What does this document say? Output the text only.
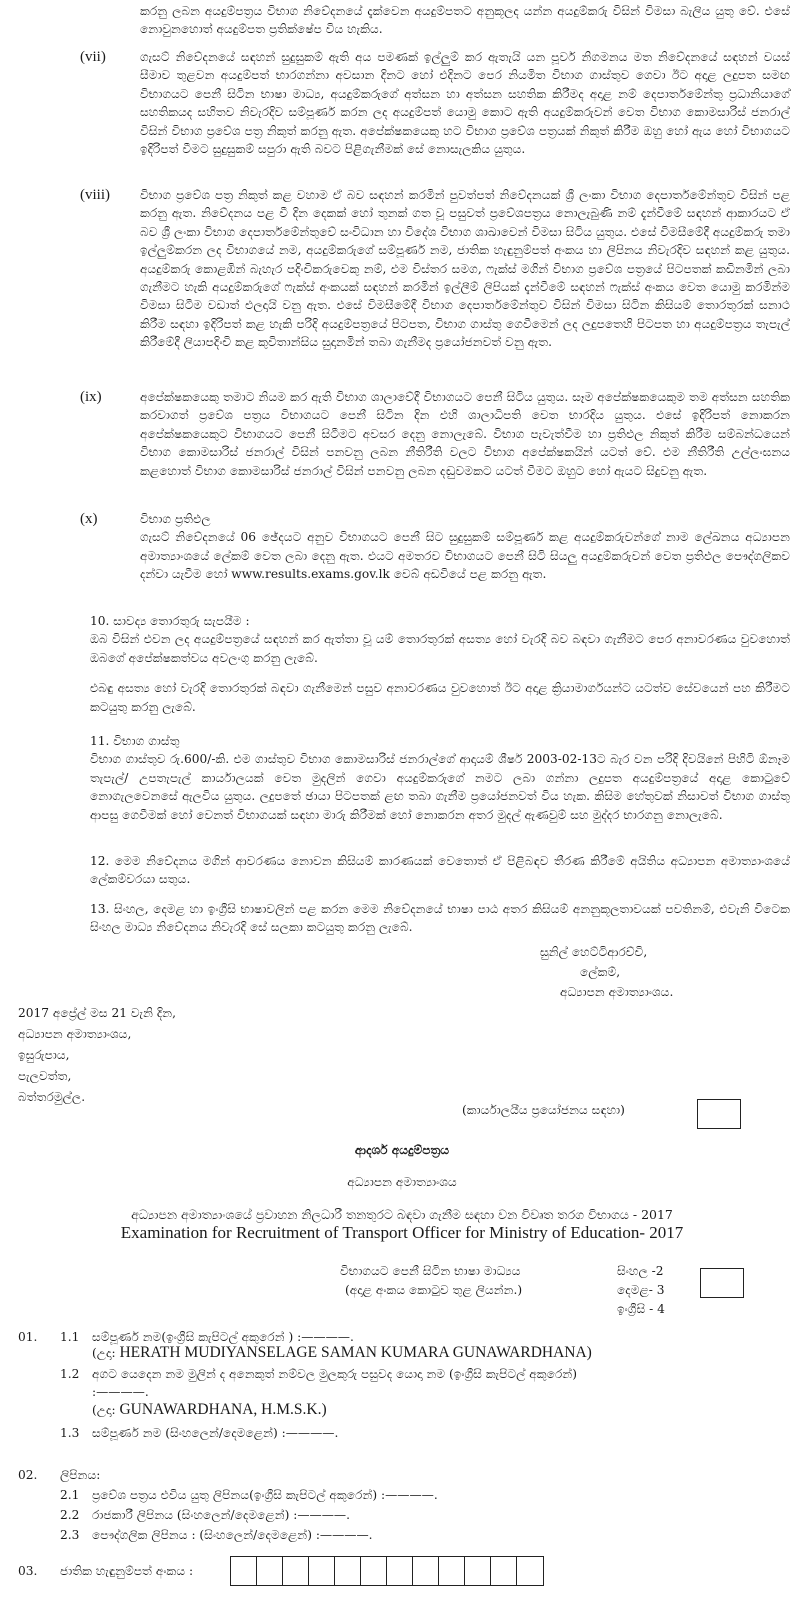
කරනු ලබන අයදුම්පත්‍රය විභාග නිවේදනයේ දැක්වෙන අයදුම්පතට අනුකූලද යන්න අයදුම්කරු විසින් විමසා බැලිය යුතු වේ. එසේ නොවුනහොත් අයදුම්පත ප්‍රතික්ෂේප විය හැකිය.
(vii)	ගැසට් නිවේදනයේ සඳහන් සුදුසුකම් ඇති අය පමණක් ඉල්ලුම් කර ඇතැයි යන පූර්ව නිගමනය මත නිවේදනයේ සඳහන් වයස් සීමාව තුළවන අයදුම්පත් භාරගන්නා අවසාන දිනට හෝ එදිනට පෙර නියමිත විභාග ගාස්තුව ගෙවා ඊට අදාළ ලදුපත සමඟ විභාගයට පෙනී සිටින භාෂා මාධ්‍ය, අයදුම්කරුගේ අත්සන හා අත්සන සහතික කිරීමද අදාළ නම් දෙපාර්තමේන්තු ප්‍රධානියාගේ සහතිකයද සහිතව නිවැරදිව සම්පූර්ණ කරන ලද අයදුම්පත් යොමු කොට ඇති අයදුම්කරුවන් වෙත විභාග කොමසාරිස් ජනරාල් විසින් විභාග ප්‍රවේශ පත්‍ර නිකුත් කරනු ඇත. අපේක්ෂකයෙකු හට විභාග ප්‍රවේශ පත්‍රයක් නිකුත් කිරීම ඔහු හෝ ඇය හෝ විභාගයට ඉදිරිපත් වීමට සුදුසුකම් සපුරා ඇති බවට පිළිගැනීමක් සේ නොසැලකිය යුතුය.
(viii)	විභාග ප්‍රවේශ පත්‍ර නිකුත් කළ වහාම ඒ බව සඳහන් කරමින් පුවත්පත් නිවේදනයක් ශ්‍රී ලංකා විභාග දෙපාර්තමේන්තුව විසින් පළ කරනු ඇත. නිවේදනය පළ වී දින දෙකක් හෝ තුනක් ගත වූ පසුවත් ප්‍රවේශපත්‍රය නොලැබුණි නම් දැන්වීමේ සඳහන් ආකාරයට ඒ බව ශ්‍රී ලංකා විභාග දෙපාර්තමේන්තුවේ සංවිධාන හා විදේශ විභාග ශාඛාවෙන් විමසා සිටිය යුතුය. එසේ විමසීමේදී අයදුම්කරු තමා ඉල්ලුම්කරන ලද විභාගයේ නම, අයදුම්කරුගේ සම්පූර්ණ නම, ජාතික හැඳුනුම්පත් අංකය හා ලිපිනය නිවැරදිව සඳහන් කළ යුතුය. අයදුම්කරු කොළඹින් බැහැර පදිංචිකරුවෙකු නම්, එම විස්තර සමග, ෆැක්ස් මගින් විභාග ප්‍රවේශ පත්‍රයේ පිටපතක් කඩිනමින් ලබා ගැනීමට හැකි අයදුම්කරුගේ ෆැක්ස් අංකයක් සඳහන් කරමින් ඉල්ලීම් ලිපියක් දැන්වීමේ සඳහන් ෆැක්ස් අංකය වෙත යොමු කරමින්ම විමසා සිටීම වඩාත් එලදායි වනු ඇත. එසේ විමසීමේදී විභාග දෙපාර්තමේන්තුව විසින් විමසා සිටින කිසියම් තොරතුරක් සනාථ කිරීම සඳහා ඉදිරිපත් කළ හැකි පරිදි අයදුම්පත්‍රයේ පිටපත, විභාග ගාස්තු ගෙවීමෙන් ලද ලදුපතෙහි පිටපත හා අයදුම්පත්‍රය තැපැල් කිරීමේදී ලියාපදිංචි කළ කුවිතාන්සිය සුදානමින් තබා ගැනීමද ප්‍රයෝජනවත් වනු ඇත.
(ix)	අපේක්ෂකයෙකු තමාට නියම කර ඇති විභාග ශාලාවේදී විභාගයට පෙනී සිටිය යුතුය. සෑම අපේක්ෂකයෙකුම තම අත්සන සහතික කරවාගත් ප්‍රවේශ පත්‍රය විභාගයට පෙනී සිටින දින එහි ශාලාධිපති වෙත භාරදිය යුතුය. එසේ ඉදිරිපත් නොකරන අපේක්ෂකයෙකුට විභාගයට පෙනී සිටීමට අවසර දෙනු නොලැබේ. විභාග පැවැත්වීම හා ප්‍රතිඵල නිකුත් කිරීම සම්බන්ධයෙන් විභාග කොමසාරිස් ජනරාල් විසින් පනවනු ලබන නීතිරීති වලට විභාග අපේක්ෂකයින් යටත් වේ. එම නීතිරීති උල්ලංඝනය කළහොත් විභාග කොමසාරිස් ජනරාල් විසින් පනවනු ලබන දඬුවමකට යටත් වීමට ඔහුට හෝ ඇයට සිදුවනු ඇත.
(x)	විභාග ප්‍රතිඵල
ගැසට් නිවේදනයේ 06 ඡේදයට අනුව විභාගයට පෙනී සිට සුදුසුකම් සම්පූර්ණ කළ අයදුම්කරුවන්ගේ නාම ලේඛනය අධ්‍යාපන අමාත්‍යාංශයේ ලේකම් වෙත ලබා දෙනු ඇත. එයට අමතරව විභාගයට පෙනී සිටි සියලු අයදුම්කරුවන් වෙත ප්‍රතිඵල පෞද්ගලිකව දන්වා යැවීම හෝ www.results.exams.gov.lk වෙබ් අඩවියේ පළ කරනු ඇත.
10. සාවද්‍ය තොරතුරු සැපයීම :
ඔබ විසින් එවන ලද අයදුම්පත්‍රයේ සඳහන් කර ඇත්තා වූ යම් තොරතුරක් අසත්‍ය හෝ වැරදි බව බඳවා ගැනීමට පෙර අනාවරණය වුවහොත් ඔබගේ අපේක්ෂකත්වය අවලංගු කරනු ලැබේ.
එබඳු අසත්‍ය හෝ වැරදි තොරතුරක් බඳවා ගැනීමෙන් පසුව අනාවරණය වුවහොත් ඊට අදාළ ක්‍රියාමාර්ගයන්ට යටත්ව සේවයෙන් පහ කිරීමට කටයුතු කරනු ලැබේ.
11. විභාග ගාස්තු
විභාග ගාස්තුව රු.600/-කි. එම ගාස්තුව විභාග කොමසාරිස් ජනරාල්ගේ ආදායම් ශීර්ෂ 2003-02-13ට බැර වන පරිදි දිවයිනේ පිහිටි ඕනෑම තැපැල්/ උපතැපැල් කාර්යාලයක් වෙත මුදලින් ගෙවා අයදුම්කරුගේ නමට ලබා ගන්නා ලදුපත අයදුම්පත්‍රයේ අදාළ කොටුවේ නොගැලවෙනසේ ඇලවිය යුතුය. ලදුපතේ ඡායා පිටපතක් ළඟ තබා ගැනීම ප්‍රයෝජනවත් විය හැක. කිසිම හේතුවක් නිසාවත් විභාග ගාස්තු ආපසු ගෙවීමක් හෝ වෙනත් විභාගයක් සඳහා මාරු කිරීමක් හෝ නොකරන අතර මුදල් ඇණවුම් සහ මුද්දර භාරගනු නොලැබේ.
12. මෙම නිවේදනය මගින් ආවරණය නොවන කිසියම් කාරණයක් වෙතොත් ඒ පිළිබඳව තීරණ කිරීමේ අයිතිය අධ්‍යාපන අමාත්‍යාංශයේ ලේකම්වරයා සතුය.
13. සිංහල, දෙමළ හා ඉංග්‍රීසි භාෂාවලින් පළ කරන මෙම නිවේදනයේ භාෂා පාඨ අතර කිසියම් අනනුකූලතාවයක් පවතිනම්, එවැනි විටෙක සිංහල මාධ්‍ය නිවේදනය නිවැරදි සේ සලකා කටයුතු කරනු ලැබේ.
සුනිල් හෙට්ටිආරච්චි,
ලේකම්,
අධ්‍යාපන අමාත්‍යාංශය.
2017 අප්‍රේල් මස 21 වැනි දින,
අධ්‍යාපන අමාත්‍යාංශය,
ඉසුරුපාය,
පැලවත්ත,
බත්තරමුල්ල.
(කාර්යාලයීය ප්‍රයෝජනය සඳහා)
ආදර්ශ අයදුම්පත්‍රය
අධ්‍යාපන අමාත්‍යාංශය
අධ්‍යාපන අමාත්‍යාංශයේ ප්‍රවාහන නිලධාරී තනතුරට බඳවා ගැනීම සඳහා වන විවෘත තරග විභාගය - 2017
Examination for Recruitment of Transport Officer for Ministry of Education- 2017
විභාගයට පෙනී සිටින භාෂා මාධ්‍යය
(අදාළ අංකය කොටුව තුළ ලියන්න.)
සිංහල -2
දෙමළ- 3
ඉංග්‍රීසි - 4
01. 1.1 සම්පූර්ණ නම(ඉංග්‍රීසි කැපිටල් අකුරෙන් ) :————.
(උදා: HERATH MUDIYANSELAGE SAMAN KUMARA GUNAWARDHANA)
1.2 අගට යෙදෙන නම මුලින් ද අනෙකුත් නම්වල මුලකුරු පසුවද යොදා නම (ඉංග්‍රීසි කැපිටල් අකුරෙන්)
:————.
(උදා: GUNAWARDHANA, H.M.S.K.)
1.3 සම්පූර්ණ නම (සිංහලෙන්/දෙමළෙන්) :————.
02. ලිපිනය:
2.1 ප්‍රවේශ පත්‍රය එවිය යුතු ලිපිනය(ඉංග්‍රීසි කැපිටල් අකුරෙන්) :————.
2.2 රාජකාරී ලිපිනය (සිංහලෙන්/දෙමළෙන්) :————.
2.3 පෞද්ගලික ලිපිනය : (සිංහලෙන්/දෙමළෙන්) :————.
03. ජාතික හැඳුනුම්පත් අංකය :
